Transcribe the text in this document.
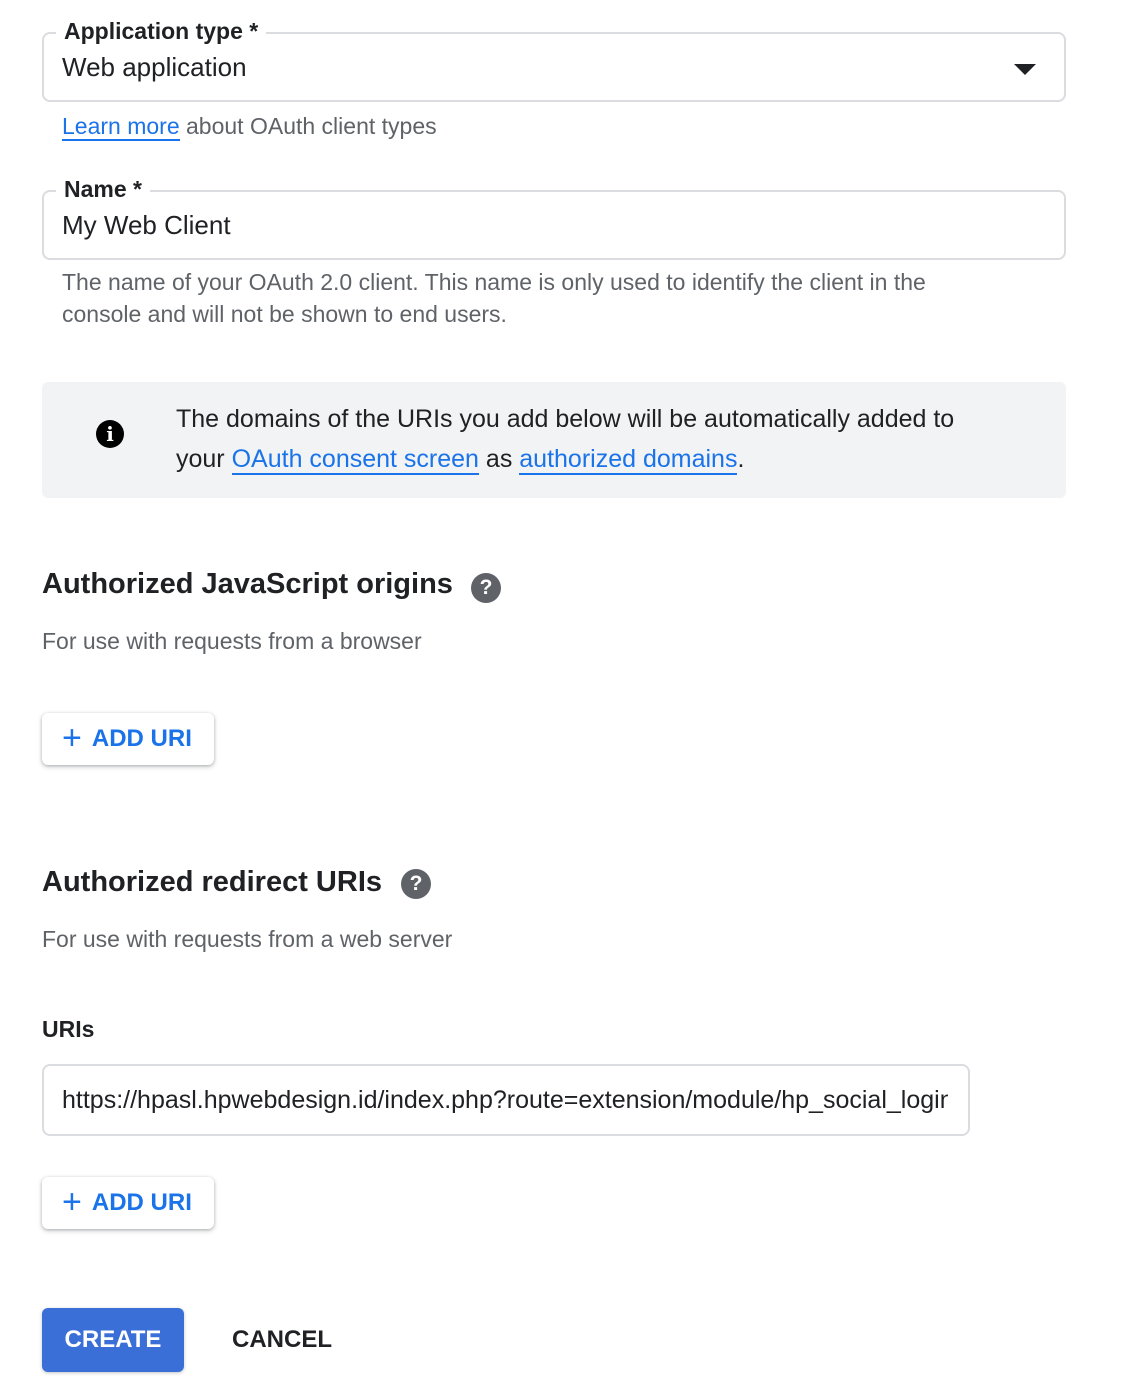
Application type *
Web application
Learn more about OAuth client types
Name *
My Web Client
The name of your OAuth 2.0 client. This name is only used to identify the client in the
console and will not be shown to end users.
i
The domains of the URIs you add below will be automatically added to
your OAuth consent screen as authorized domains.
Authorized JavaScript origins	?
For use with requests from a browser
+ ADD URI
Authorized redirect URIs	?
For use with requests from a web server
URIs
https://hpasl.hpwebdesign.id/index.php?route=extension/module/hp_social_login
+ ADD URI
CREATE	CANCEL
